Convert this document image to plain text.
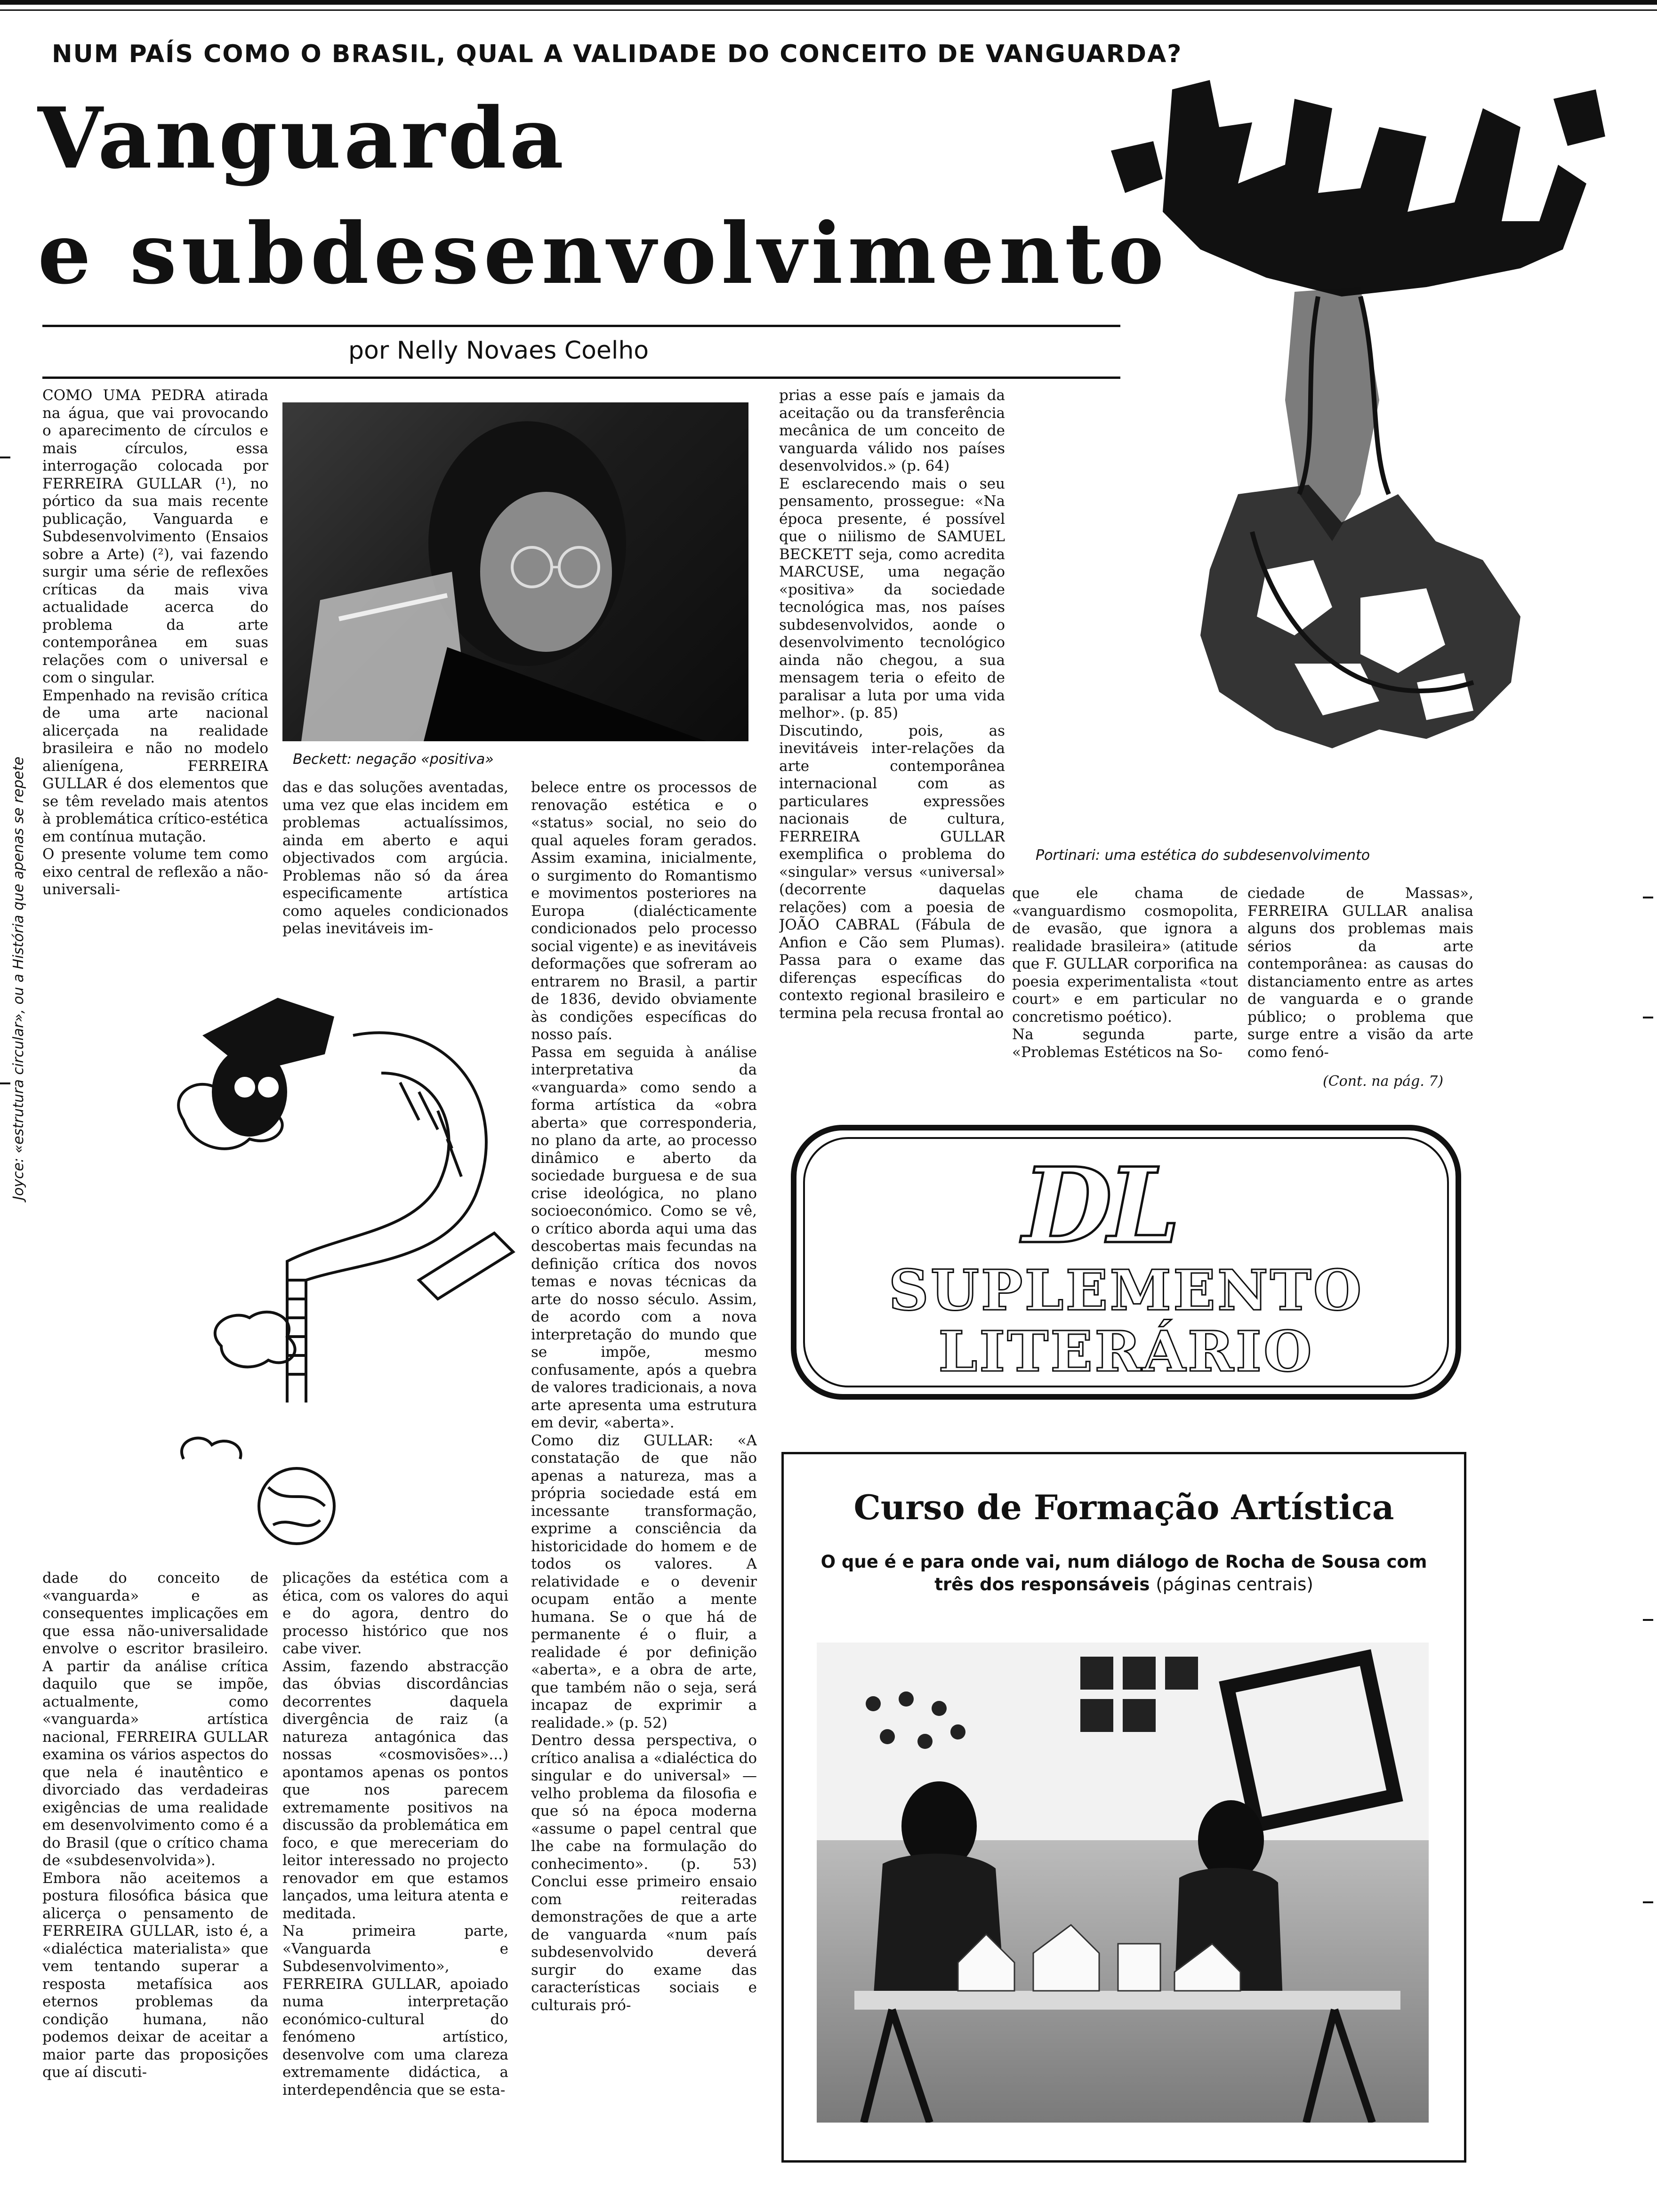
NUM PAÍS COMO O BRASIL, QUAL A VALIDADE DO CONCEITO DE VANGUARDA?
Vanguarda
e subdesenvolvimento
por Nelly Novaes Coelho
Portinari: uma estética do subdesenvolvimento
Beckett: negação «positiva»

COMO UMA PEDRA atirada na água, que vai provocando o aparecimento de círculos e mais círculos, essa interrogação colocada por FERREIRA GULLAR (¹), no pórtico da sua mais recente publicação, Vanguarda e Subdesenvolvimento (Ensaios sobre a Arte) (²), vai fazendo surgir uma série de reflexões críticas da mais viva actualidade acerca do problema da arte contemporânea em suas relações com o universal e com o singular.
Empenhado na revisão crítica de uma arte nacional alicerçada na realidade brasileira e não no modelo alienígena, FERREIRA GULLAR é dos elementos que se têm revelado mais atentos à problemática crítico-estética em contínua mutação.
O presente volume tem como eixo central de reflexão a não-universali-

das e das soluções aventadas, uma vez que elas incidem em problemas actualíssimos, ainda em aberto e aqui objectivados com argúcia. Problemas não só da área especificamente artística como aqueles condicionados pelas inevitáveis im-

belece entre os processos de renovação estética e o «status» social, no seio do qual aqueles foram gerados. Assim examina, inicialmente, o surgimento do Romantismo e movimentos posteriores na Europa (dialécticamente condicionados pelo processo social vigente) e as inevitáveis deformações que sofreram ao entrarem no Brasil, a partir de 1836, devido obviamente às condições específicas do nosso país.
Passa em seguida à análise interpretativa da «vanguarda» como sendo a forma artística da «obra aberta» que corresponderia, no plano da arte, ao processo dinâmico e aberto da sociedade burguesa e de sua crise ideológica, no plano socioeconómico. Como se vê, o crítico aborda aqui uma das descobertas mais fecundas na definição crítica dos novos temas e novas técnicas da arte do nosso século. Assim, de acordo com a nova interpretação do mundo que se impõe, mesmo confusamente, após a quebra de valores tradicionais, a nova arte apresenta uma estrutura em devir, «aberta».
Como diz GULLAR: «A constatação de que não apenas a natureza, mas a própria sociedade está em incessante transformação, exprime a consciência da historicidade do homem e de todos os valores. A relatividade e o devenir ocupam então a mente humana. Se o que há de permanente é o fluir, a realidade é por definição «aberta», e a obra de arte, que também não o seja, será incapaz de exprimir a realidade.» (p. 52)
Dentro dessa perspectiva, o crítico analisa a «dialéctica do singular e do universal» — velho problema da filosofia e que só na época moderna «assume o papel central que lhe cabe na formulação do conhecimento». (p. 53) Conclui esse primeiro ensaio com reiteradas demonstrações de que a arte de vanguarda «num país subdesenvolvido deverá surgir do exame das características sociais e culturais pró-

prias a esse país e jamais da aceitação ou da transferência mecânica de um conceito de vanguarda válido nos países desenvolvidos.» (p. 64)
E esclarecendo mais o seu pensamento, prossegue: «Na época presente, é possível que o niilismo de SAMUEL BECKETT seja, como acredita MARCUSE, uma negação «positiva» da sociedade tecnológica mas, nos países subdesenvolvidos, aonde o desenvolvimento tecnológico ainda não chegou, a sua mensagem teria o efeito de paralisar a luta por uma vida melhor». (p. 85)
Discutindo, pois, as inevitáveis inter-relações da arte contemporânea internacional com as particulares expressões nacionais de cultura, FERREIRA GULLAR exemplifica o problema do «singular» versus «universal» (decorrente daquelas relações) com a poesia de JOÃO CABRAL (Fábula de Anfion e Cão sem Plumas). Passa para o exame das diferenças específicas do contexto regional brasileiro e termina pela recusa frontal ao

que ele chama de «vanguardismo cosmopolita, de evasão, que ignora a realidade brasileira» (atitude que F. GULLAR corporifica na poesia experimentalista «tout court» e em particular no concretismo poético).
Na segunda parte, «Problemas Estéticos na So-

ciedade de Massas», FERREIRA GULLAR analisa alguns dos problemas mais sérios da arte contemporânea: as causas do distanciamento entre as artes de vanguarda e o grande público; o problema que surge entre a visão da arte como fenó-

(Cont. na pág. 7)
Joyce: «estrutura circular», ou a História que apenas se repete

dade do conceito de «vanguarda» e as consequentes implicações em que essa não-universalidade envolve o escritor brasileiro. A partir da análise crítica daquilo que se impõe, actualmente, como «vanguarda» artística nacional, FERREIRA GULLAR examina os vários aspectos do que nela é inautêntico e divorciado das verdadeiras exigências de uma realidade em desenvolvimento como é a do Brasil (que o crítico chama de «subdesenvolvida»).
Embora não aceitemos a postura filosófica básica que alicerça o pensamento de FERREIRA GULLAR, isto é, a «dialéctica materialista» que vem tentando superar a resposta metafísica aos eternos problemas da condição humana, não podemos deixar de aceitar a maior parte das proposições que aí discuti-

plicações da estética com a ética, com os valores do aqui e do agora, dentro do processo histórico que nos cabe viver.
Assim, fazendo abstracção das óbvias discordâncias decorrentes daquela divergência de raiz (a natureza antagónica das nossas «cosmovisões»...) apontamos apenas os pontos que nos parecem extremamente positivos na discussão da problemática em foco, e que mereceriam do leitor interessado no projecto renovador em que estamos lançados, uma leitura atenta e meditada.
Na primeira parte, «Vanguarda e Subdesenvolvimento», FERREIRA GULLAR, apoiado numa interpretação económico-cultural do fenómeno artístico, desenvolve com uma clareza extremamente didáctica, a interdependência que se esta-

DL
SUPLEMENTO
LITERÁRIO
Curso de Formação Artística
O que é e para onde vai, num diálogo de Rocha de Sousa com três dos responsáveis (páginas centrais)
